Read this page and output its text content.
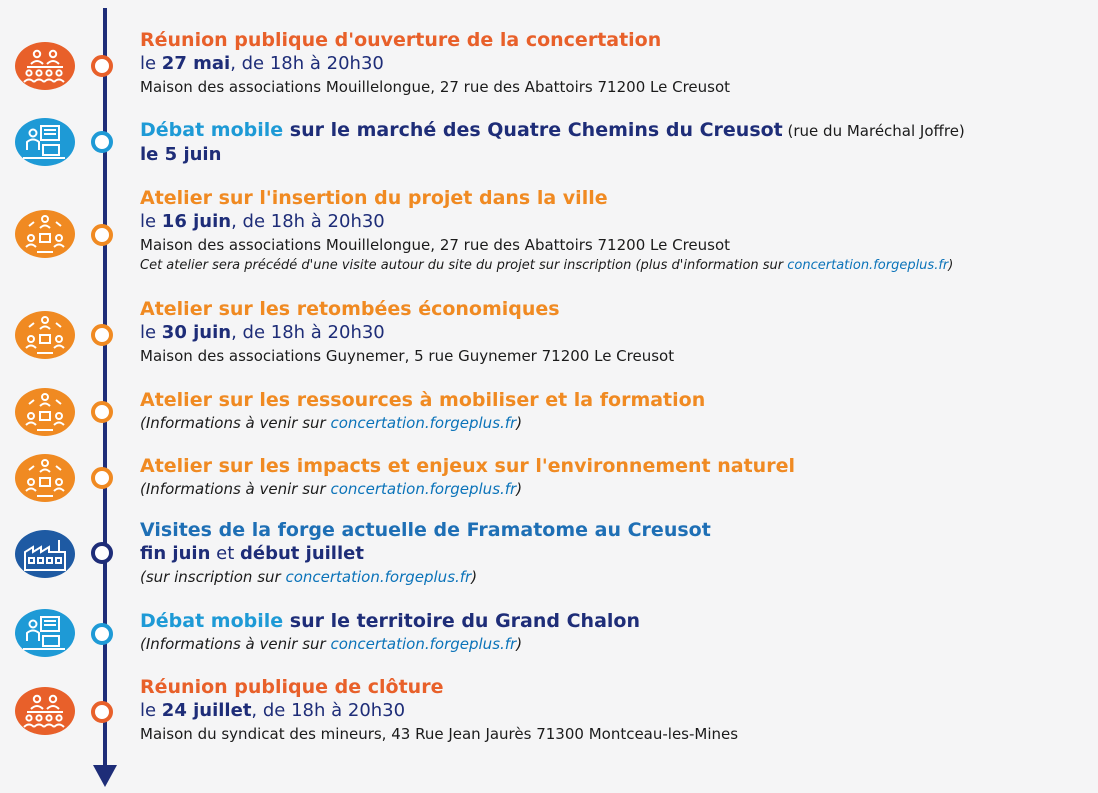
Réunion publique d'ouverture de la concertation
le 27 mai, de 18h à 20h30
Maison des associations Mouillelongue, 27 rue des Abattoirs 71200 Le Creusot
Débat mobile sur le marché des Quatre Chemins du Creusot (rue du Maréchal Joffre)
le 5 juin
Atelier sur l'insertion du projet dans la ville
le 16 juin, de 18h à 20h30
Maison des associations Mouillelongue, 27 rue des Abattoirs 71200 Le Creusot
Cet atelier sera précédé d'une visite autour du site du projet sur inscription (plus d'information sur concertation.forgeplus.fr)
Atelier sur les retombées économiques
le 30 juin, de 18h à 20h30
Maison des associations Guynemer, 5 rue Guynemer 71200 Le Creusot
Atelier sur les ressources à mobiliser et la formation
(Informations à venir sur concertation.forgeplus.fr)
Atelier sur les impacts et enjeux sur l'environnement naturel
(Informations à venir sur concertation.forgeplus.fr)
Visites de la forge actuelle de Framatome au Creusot
fin juin et début juillet
(sur inscription sur concertation.forgeplus.fr)
Débat mobile sur le territoire du Grand Chalon
(Informations à venir sur concertation.forgeplus.fr)
Réunion publique de clôture
le 24 juillet, de 18h à 20h30
Maison du syndicat des mineurs, 43 Rue Jean Jaurès 71300 Montceau-les-Mines
